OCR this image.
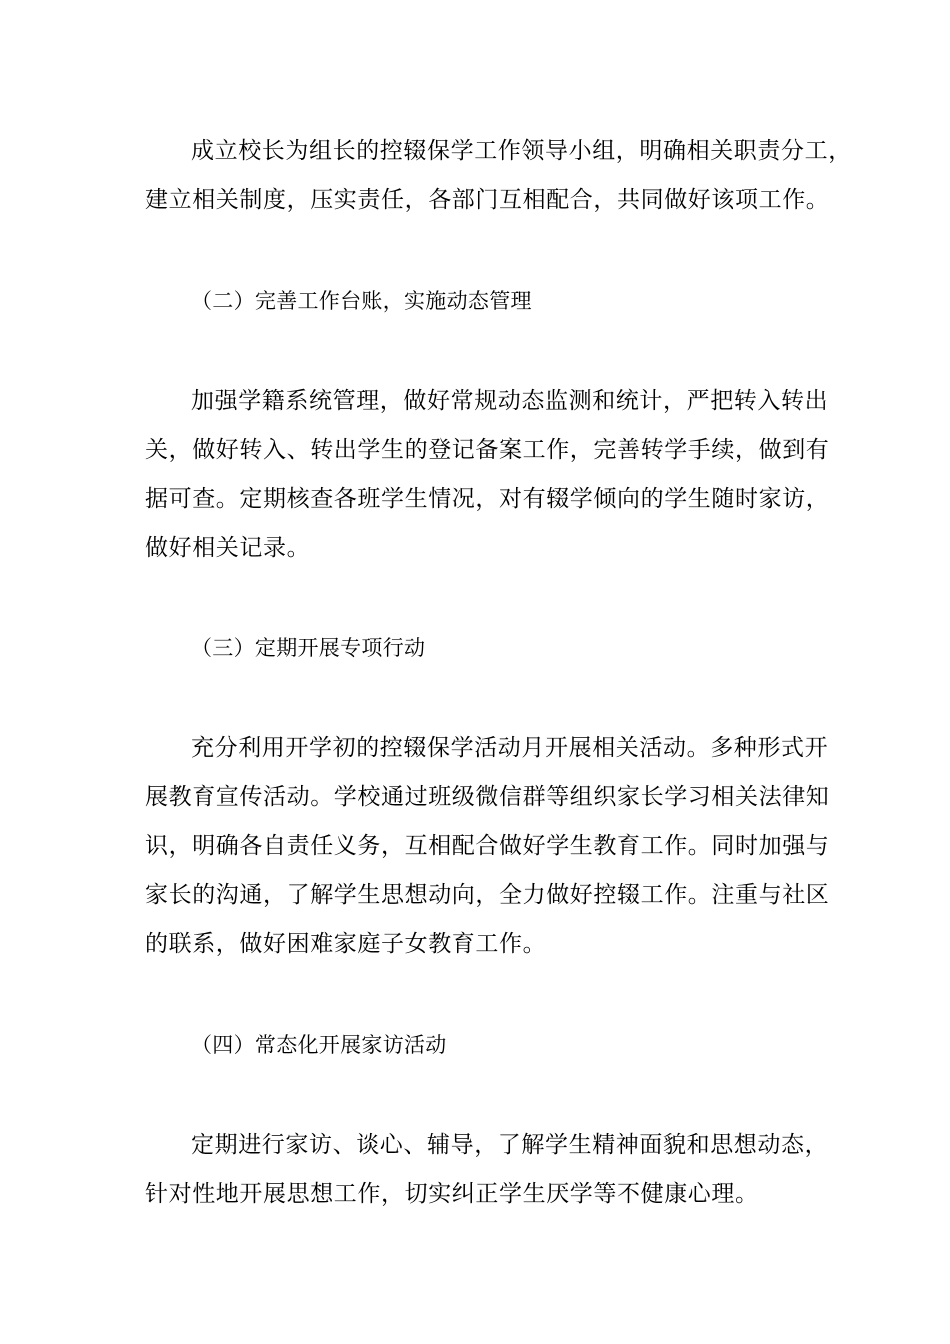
成立校长为组长的控辍保学工作领导小组，明确相关职责分工，
建立相关制度，压实责任，各部门互相配合，共同做好该项工作。
（二）完善工作台账，实施动态管理
加强学籍系统管理，做好常规动态监测和统计，严把转入转出
关，做好转入、转出学生的登记备案工作，完善转学手续，做到有
据可查。定期核查各班学生情况，对有辍学倾向的学生随时家访，
做好相关记录。
（三）定期开展专项行动
充分利用开学初的控辍保学活动月开展相关活动。多种形式开
展教育宣传活动。学校通过班级微信群等组织家长学习相关法律知
识，明确各自责任义务，互相配合做好学生教育工作。同时加强与
家长的沟通，了解学生思想动向，全力做好控辍工作。注重与社区
的联系，做好困难家庭子女教育工作。
（四）常态化开展家访活动
定期进行家访、谈心、辅导，了解学生精神面貌和思想动态，
针对性地开展思想工作，切实纠正学生厌学等不健康心理。
